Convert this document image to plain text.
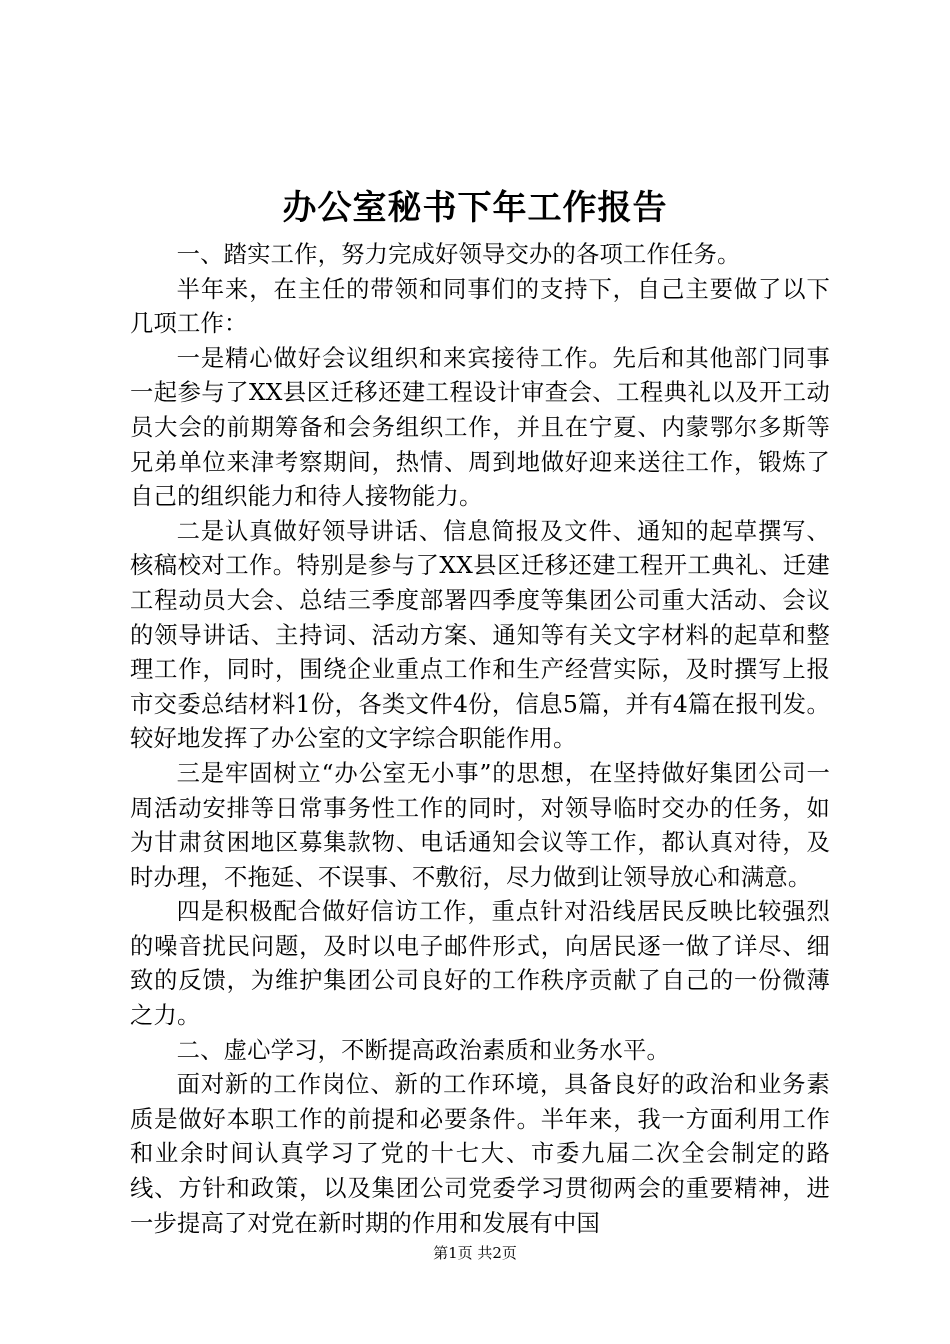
办公室秘书下年工作报告

一、踏实工作，努力完成好领导交办的各项工作任务。

半年来，在主任的带领和同事们的支持下，自己主要做了以下几项工作：

一是精心做好会议组织和来宾接待工作。先后和其他部门同事一起参与了XX县区迁移还建工程设计审查会、工程典礼以及开工动员大会的前期筹备和会务组织工作，并且在宁夏、内蒙鄂尔多斯等兄弟单位来津考察期间，热情、周到地做好迎来送往工作，锻炼了自己的组织能力和待人接物能力。

二是认真做好领导讲话、信息简报及文件、通知的起草撰写、核稿校对工作。特别是参与了XX县区迁移还建工程开工典礼、迁建工程动员大会、总结三季度部署四季度等集团公司重大活动、会议的领导讲话、主持词、活动方案、通知等有关文字材料的起草和整理工作，同时，围绕企业重点工作和生产经营实际，及时撰写上报市交委总结材料1份，各类文件4份，信息5篇，并有4篇在报刊发。较好地发挥了办公室的文字综合职能作用。

三是牢固树立“办公室无小事”的思想，在坚持做好集团公司一周活动安排等日常事务性工作的同时，对领导临时交办的任务，如为甘肃贫困地区募集款物、电话通知会议等工作，都认真对待，及时办理，不拖延、不误事、不敷衍，尽力做到让领导放心和满意。

四是积极配合做好信访工作，重点针对沿线居民反映比较强烈的噪音扰民问题，及时以电子邮件形式，向居民逐一做了详尽、细致的反馈，为维护集团公司良好的工作秩序贡献了自己的一份微薄之力。

二、虚心学习，不断提高政治素质和业务水平。

面对新的工作岗位、新的工作环境，具备良好的政治和业务素质是做好本职工作的前提和必要条件。半年来，我一方面利用工作和业余时间认真学习了党的十七大、市委九届二次全会制定的路线、方针和政策，以及集团公司党委学习贯彻两会的重要精神，进一步提高了对党在新时期的作用和发展有中国

第1页 共2页
